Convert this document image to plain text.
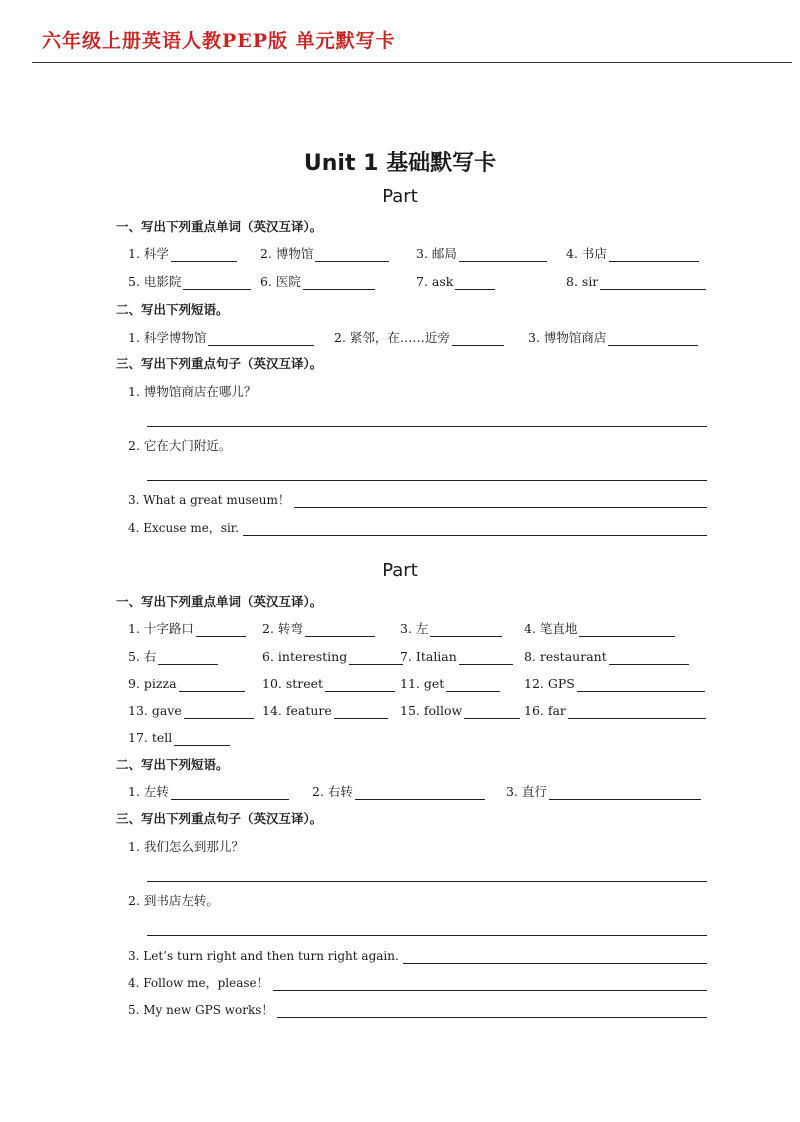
六年级上册英语人教PEP版 单元默写卡
Unit 1 基础默写卡
Part
一、写出下列重点单词（英汉互译）。
1. 科学	2. 博物馆	3. 邮局	4. 书店
5. 电影院	6. 医院	7. ask	8. sir
二、写出下列短语。
1. 科学博物馆	2. 紧邻，在……近旁	3. 博物馆商店
三、写出下列重点句子（英汉互译）。
1. 博物馆商店在哪儿？
2. 它在大门附近。
3. What a great museum！
4. Excuse me，sir.
Part
一、写出下列重点单词（英汉互译）。
1. 十字路口	2. 转弯	3. 左	4. 笔直地
5. 右	6. interesting	7. Italian	8. restaurant
9. pizza	10. street	11. get	12. GPS
13. gave	14. feature	15. follow	16. far
17. tell
二、写出下列短语。
1. 左转	2. 右转	3. 直行
三、写出下列重点句子（英汉互译）。
1. 我们怎么到那儿？
2. 到书店左转。
3. Let’s turn right and then turn right again.
4. Follow me，please！
5. My new GPS works！
